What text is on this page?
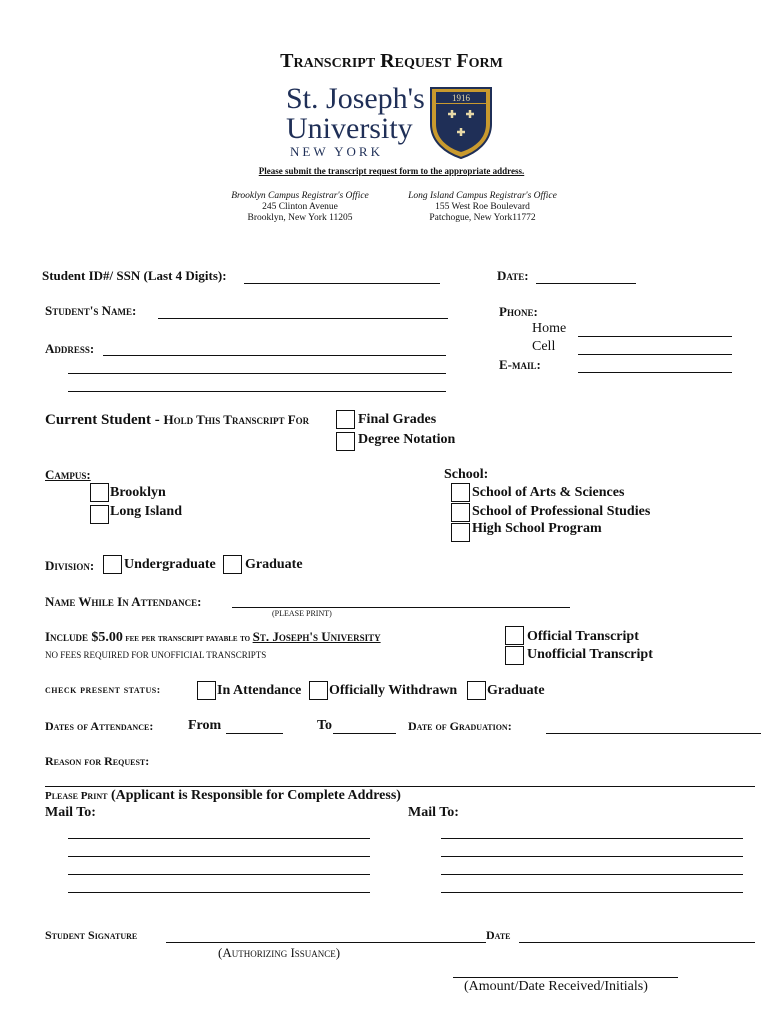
Transcript Request Form
St. Joseph's
University
NEW YORK
1916
Please submit the transcript request form to the appropriate address.
Brooklyn Campus Registrar's Office
245 Clinton Avenue
Brooklyn, New York 11205
Long Island Campus Registrar's Office
155 West Roe Boulevard
Patchogue, New York11772
Student ID#/ SSN (Last 4 Digits):	Date:
Student's Name:	Phone:
Home
Cell
E-mail:
Address:
Current Student - Hold This Transcript For	Final Grades
Degree Notation
Campus:
Brooklyn
Long Island
School:
School of Arts & Sciences
School of Professional Studies
High School Program
Division: Undergraduate Graduate
Name While In Attendance:
(PLEASE PRINT)
Include $5.00 fee per transcript payable to St. Joseph's University
NO FEES REQUIRED FOR UNOFFICIAL TRANSCRIPTS
Official Transcript
Unofficial Transcript
check present status:	In Attendance Officially Withdrawn Graduate
Dates of Attendance: From	To	Date of Graduation:
Reason for Request:
Please Print (Applicant is Responsible for Complete Address)
Mail To:	Mail To:
Student Signature	Date
(Authorizing Issuance)
(Amount/Date Received/Initials)
